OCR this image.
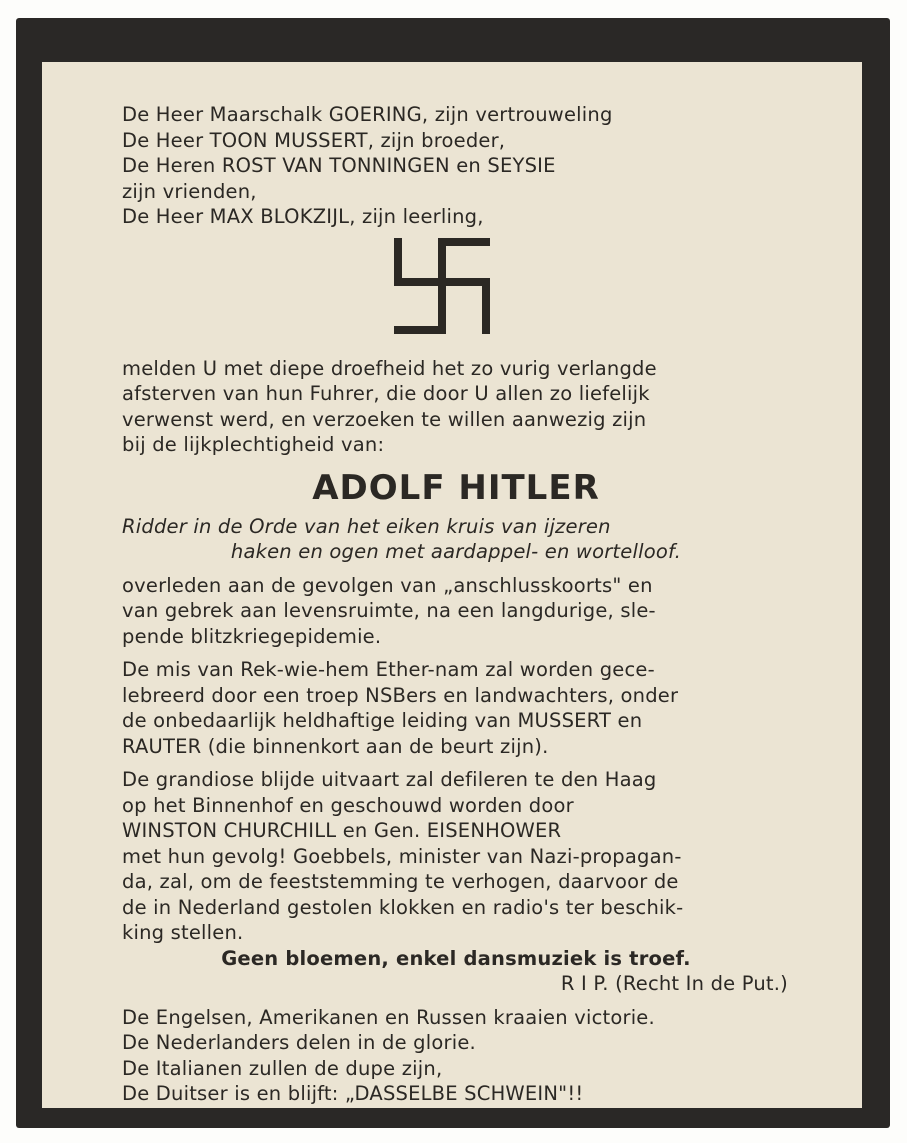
De Heer Maarschalk GOERING, zijn vertrouweling
De Heer TOON MUSSERT, zijn broeder,
De Heren ROST VAN TONNINGEN en SEYSIE
zijn vrienden,
De Heer MAX BLOKZIJL, zijn leerling,
melden U met diepe droefheid het zo vurig verlangde
afsterven van hun Fuhrer, die door U allen zo liefelijk
verwenst werd, en verzoeken te willen aanwezig zijn
bij de lijkplechtigheid van:
ADOLF HITLER
Ridder in de Orde van het eiken kruis van ijzeren
haken en ogen met aardappel- en wortelloof.
overleden aan de gevolgen van „anschlusskoorts" en
van gebrek aan levensruimte, na een langdurige, sle-
pende blitzkriegepidemie.
De mis van Rek-wie-hem Ether-nam zal worden gece-
lebreerd door een troep NSBers en landwachters, onder
de onbedaarlijk heldhaftige leiding van MUSSERT en
RAUTER (die binnenkort aan de beurt zijn).
De grandiose blijde uitvaart zal defileren te den Haag
op het Binnenhof en geschouwd worden door
WINSTON CHURCHILL en Gen. EISENHOWER
met hun gevolg! Goebbels, minister van Nazi-propagan-
da, zal, om de feeststemming te verhogen, daarvoor de
de in Nederland gestolen klokken en radio's ter beschik-
king stellen.
Geen bloemen, enkel dansmuziek is troef.
R I P. (Recht In de Put.)
De Engelsen, Amerikanen en Russen kraaien victorie.
De Nederlanders delen in de glorie.
De Italianen zullen de dupe zijn,
De Duitser is en blijft: „DASSELBE SCHWEIN"!!
